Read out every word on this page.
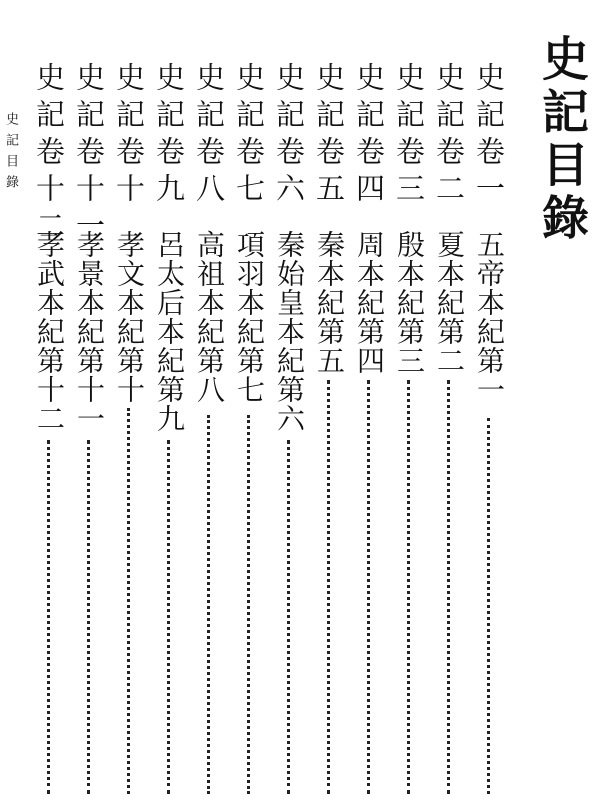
史記目錄
史記目錄	史記卷一
五帝本紀第一
史記卷二
夏本紀第二
史記卷三
殷本紀第三
史記卷四
周本紀第四
史記卷五
秦本紀第五
史記卷六
秦始皇本紀第六
史記卷七
項羽本紀第七
史記卷八
高祖本紀第八
史記卷九
呂太后本紀第九
史記卷十
孝文本紀第十
史記卷十一
孝景本紀第十一
史記卷十二
孝武本紀第十二
